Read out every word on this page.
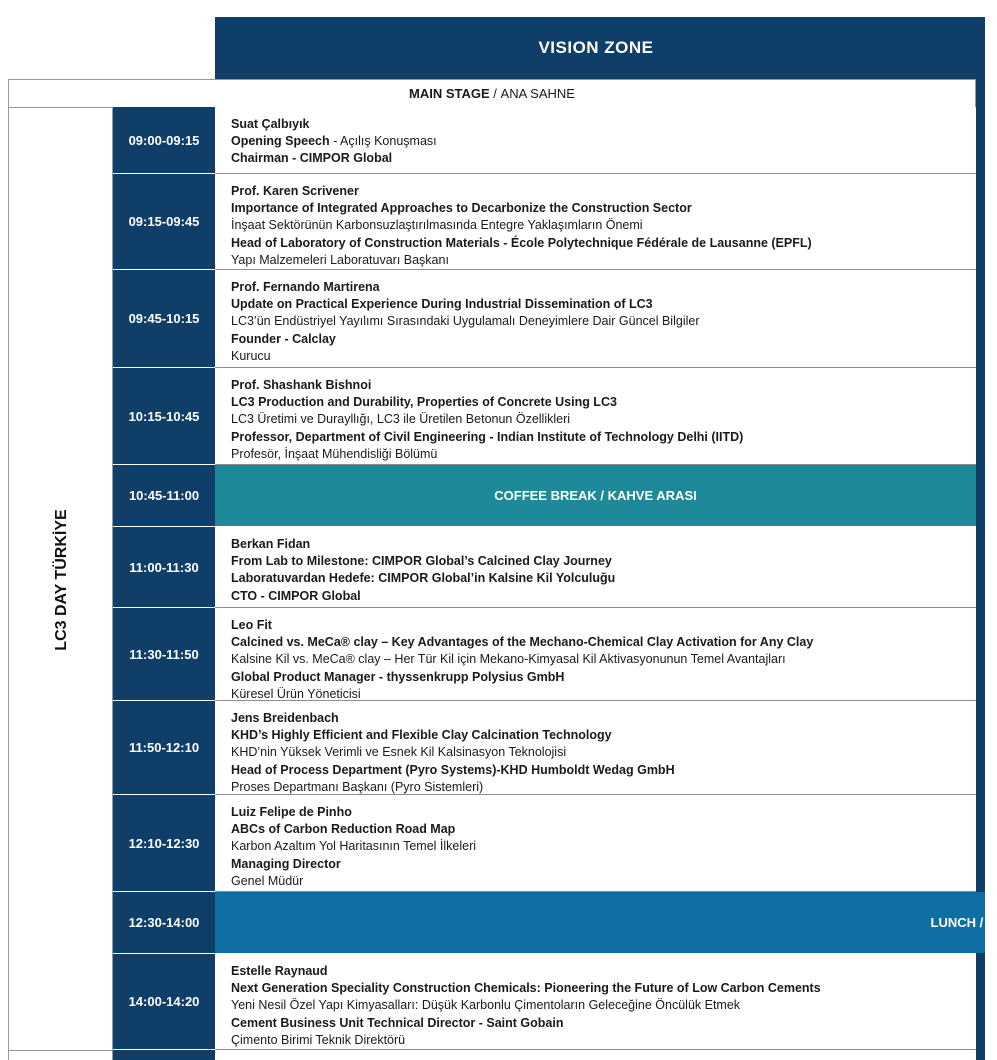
VISION ZONE
MAIN STAGE / ANA SAHNE
LC3 DAY TÜRKİYE
09:00-09:15
Suat Çalbıyık
Opening Speech - Açılış Konuşması
Chairman - CIMPOR Global
09:15-09:45
Prof. Karen Scrivener
Importance of Integrated Approaches to Decarbonize the Construction Sector
İnşaat Sektörünün Karbonsuzlaştırılmasında Entegre Yaklaşımların Önemi
Head of Laboratory of Construction Materials - École Polytechnique Fédérale de Lausanne (EPFL)
Yapı Malzemeleri Laboratuvarı Başkanı
09:45-10:15
Prof. Fernando Martirena
Update on Practical Experience During Industrial Dissemination of LC3
LC3’ün Endüstriyel Yayılımı Sırasındaki Uygulamalı Deneyimlere Dair Güncel Bilgiler
Founder - Calclay
Kurucu
10:15-10:45
Prof. Shashank Bishnoi
LC3 Production and Durability, Properties of Concrete Using LC3
LC3 Üretimi ve Durayllığı, LC3 ile Üretilen Betonun Özellikleri
Professor, Department of Civil Engineering - Indian Institute of Technology Delhi (IITD)
Profesör, İnşaat Mühendisliği Bölümü
10:45-11:00	COFFEE BREAK / KAHVE ARASI
11:00-11:30
Berkan Fidan
From Lab to Milestone: CIMPOR Global’s Calcined Clay Journey
Laboratuvardan Hedefe: CIMPOR Global’in Kalsine Kil Yolculuğu
CTO - CIMPOR Global
11:30-11:50
Leo Fit
Calcined vs. MeCa® clay – Key Advantages of the Mechano-Chemical Clay Activation for Any Clay
Kalsine Kil vs. MeCa® clay – Her Tür Kil için Mekano-Kimyasal Kil Aktivasyonunun Temel Avantajları
Global Product Manager - thyssenkrupp Polysius GmbH
Küresel Ürün Yöneticisi
11:50-12:10
Jens Breidenbach
KHD’s Highly Efficient and Flexible Clay Calcination Technology
KHD’nin Yüksek Verimli ve Esnek Kil Kalsinasyon Teknolojisi
Head of Process Department (Pyro Systems)-KHD Humboldt Wedag GmbH
Proses Departmanı Başkanı (Pyro Sistemleri)
12:10-12:30
Luiz Felipe de Pinho
ABCs of Carbon Reduction Road Map
Karbon Azaltım Yol Haritasının Temel İlkeleri
Managing Director
Genel Müdür
12:30-14:00	LUNCH / Ö
14:00-14:20
Estelle Raynaud
Next Generation Speciality Construction Chemicals: Pioneering the Future of Low Carbon Cements
Yeni Nesil Özel Yapı Kimyasalları: Düşük Karbonlu Çimentoların Geleceğine Öncülük Etmek
Cement Business Unit Technical Director - Saint Gobain
Çimento Birimi Teknik Direktörü
